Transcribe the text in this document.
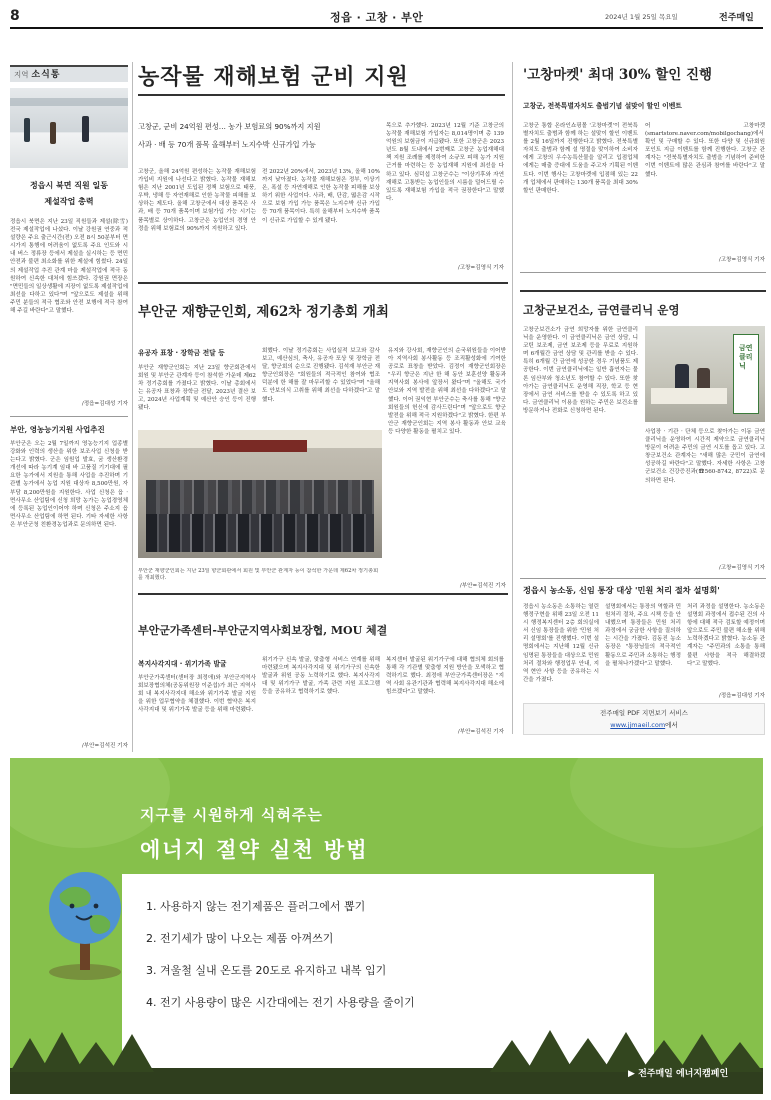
8	정읍 · 고창 · 부안	2024년 1월 25일 목요일	전주매일
지역 소식통
정읍시 북면 직원 일동
제설작업 총력
정읍시 북면은 지난 23일 직원들과 제설(除雪) 전국 제설작업에 나섰다. 이날 강원권 연중과 적설량은 주요 출근시간(전) 오전 8시 50분부터 면 시가지 통행에 어려움이 없도록 주요 인도와 시내 버스 정류장 등에서 제설을 실시하는 등 면민 안전과 불편 최소화를 위한 제설에 힘썼다. 24일의 제설작업 추진 관계 마을 제설작업에 적극 동원하여 신속한 대처에 힘쓰겠다. 강원권 면장은 "면민들의 일상생활에 지장이 없도록 제설작업에 최선을 다하고 있다"며 "앞으로도 제설을 위해 주민 분들의 적극 협조와 안전 보행에 적극 참여해 주길 바란다"고 말했다.
/정읍=김대성 기자
부안, 영농능기지원 사업추진
부안군은 오는 2월 7일까지 영농능기지 업종별 강화와 인력의 생산을 위한 보조사업 신청을 받는다고 밝혔다. 군은 임원업 발효, 굼 생산환경 개선에 따라 농기계 임대 바 고품질 기기대에 필요한 농가에서 지원을 통해 사업을 추진하며 기관별 농가에서 농업 지원 대상자 8,500만원, 자부담 8,200만원을 지원한다. 사업 신청은 읍 · 면사무소 산업팀에 신청 희망 농가는 농업경영체에 등록된 농업인이어야 하며 신청은 주소지 읍면사무소 산업팀에 하면 된다. 기타 자세한 사항은 부안군청 친환경농업과로 문의하면 된다.
/부안=김석진 기자
농작물 재해보험 군비 지원
고창군, 군비 24억원 편성… 농가 보험료의 90%까지 지원
사과 · 배 등 70개 품목 올해부터 노지수박 신규가입 가능
고창군, 올해 24억원 편성하는 농작물 재해보험 가입비 지원에 나선다고 밝혔다. 농작물 재해보험은 지난 2001년 도입된 정책 보험으로 태풍, 우박, 냉해 등 자연재해로 인한 농작물 피해를 보상하는 제도다. 올해 고창군에서 대상 품목은 사과, 배 등 70개 품목이며 보험가입 가능 시기는 품목별로 상이하다. 고창군은 농업인의 경영 안정을 위해 보험료의 90%까지 지원하고 있다.
전 2022년 20%에서, 2023년 13%, 올해 10%까지 낮아졌다. 농작물 재해보험은 정부, 이상기온, 폭설 등 자연재해로 인한 농작물 피해를 보상하기 위한 사업이다. 사과, 배, 단감, 떫은감 시작으로 보험 가입 가능 품목은 노지수박 신규 가입 등 70개 품목이다. 특히 올해부터 노지수박 품목이 신규로 가입할 수 있게 됐다.
목으로 추가했다. 2023년 12월 기준 고창군의 농작물 재해보험 가입자는 8,014명이며 총 139억원의 보험금이 지급됐다. 또한 고창군은 2023년도 8월 도내에서 2번째로 고창군 농업재해대책 지원 조례를 제정하여 소규모 피해 농가 지원 근거를 마련하는 등 농업재해 지원에 최선을 다하고 있다. 심덕섭 고창군수는 "이상기후와 자연재해로 고통받는 농업인들의 시름을 덜어드릴 수 있도록 재해보험 가입을 적극 권장한다"고 말했다.
/고창=김영식 기자
'고창마켓' 최대 30% 할인 진행
고창군, 전북특별자치도 출범기념 설맞이 할인 이벤트
고창군 통합 온라인쇼핑몰 '고창마켓'이 전북특별자치도 출범과 함께 하는 설맞이 할인 이벤트를 2월 16일까지 진행한다고 밝혔다. 전북특별자치도 출범과 함께 설 명절을 맞이하여 소비자에게 고창의 우수농특산물을 알리고 입점업체에게는 매출 증대에 도움을 주고자 기획된 이벤트다. 이번 행사는 고창마켓에 입점해 있는 22개 업체에서 판매하는 130개 품목을 최대 30% 할인 판매한다.
어 고창마켓(smartstore.naver.com/mobilgochang)에서 확인 및 구매할 수 있다. 또한 다양 및 신규회원 포인트 지급 이벤트를 함께 진행한다. 고창군 관계자는 "전북특별자치도 출범을 기념하여 준비한 이번 이벤트에 많은 관심과 참여를 바란다"고 말했다.
/고창=김영식 기자
부안군 재향군인회, 제62차 정기총회 개최
유공자 표창 · 장학금 전달 등
부안군 재향군인회는 지난 23일 향군회관에서 회원 및 부안군 관계자 등이 참석한 가운데 제62차 정기총회를 가졌다고 밝혔다. 이날 총회에서는 유공자 표창과 장학금 전달, 2023년 결산 보고, 2024년 사업계획 및 예산안 승인 등이 진행됐다.
회했다. 이날 정기총회는 사업실적 보고와 감사보고, 예산심의, 축사, 유공자 포상 및 장학금 전달, 향군회의 순으로 진행됐다. 김석재 부안군 재향군인회장은 "회원들의 적극적인 참여와 협조 덕분에 한 해를 잘 마무리할 수 있었다"며 "올해도 안보의식 고취를 위해 최선을 다하겠다"고 말했다.
부안군 재향군인회는 지난 23일 향군회관에서 회원 및 부안군 관계자 등이 참석한 가운데 제62차 정기총회를 개최했다.
유지와 강사회, 재향군인의 순국위원들을 이어받아 지역사회 봉사활동 등 조직활성화에 기여한 공로로 표창을 받았다. 김정이 재향군인회장은 "우리 향군은 지난 한 해 동안 보훈선양 활동과 지역사회 봉사에 앞장서 왔다"며 "올해도 국가 안보와 지역 발전을 위해 최선을 다하겠다"고 말했다. 이어 권익현 부안군수는 축사를 통해 "향군 회원들의 헌신에 감사드린다"며 "앞으로도 향군 발전을 위해 적극 지원하겠다"고 밝혔다. 한편 부안군 재향군인회는 지역 봉사 활동과 안보 교육 등 다양한 활동을 펼치고 있다.
/부안=김석진 기자
부안군가족센터-부안군지역사회보장협, MOU 체결
복지사각지대 · 위기가족 발굴
부안군가족센터(센터장 최정애)와 부안군지역사회보장협의체(공동위원장 이준섭)가 최근 지역사회 내 복지사각지대 해소와 위기가족 발굴 지원을 위한 업무협약을 체결했다. 이번 협약은 복지사각지대 및 위기가족 발굴 등을 위해 마련됐다.
위기가구 신속 발굴, 맞춤형 서비스 연계를 위해 마련됐으며 복지사각지대 및 위기가구의 신속한 발굴과 위원 공동 노력하기로 했다. 복지사각지대 및 위기가구 발굴, 가족 관련 지원 프로그램 등을 공유하고 협력하기로 했다.
복지센터 발굴된 위기가구에 대해 협의체 회의를 통해 각 기관별 맞춤형 지원 방안을 모색하고 협력하기로 했다. 최정애 부안군가족센터장은 "지역 사회 유관기관과 협력해 복지사각지대 해소에 힘쓰겠다"고 말했다.
/부안=김석진 기자
고창군보건소, 금연클리닉 운영
고창군보건소가 금연 희망자를 위한 금연클리닉을 운영한다. 이 금연클리닉은 금연 상담, 니코틴 보조제, 금연 보조제 등을 무료로 지원하며 6개월간 금연 상담 및 관리를 받을 수 있다. 특히 6개월 간 금연에 성공한 경우 기념품도 제공한다. 이번 금연클리닉에는 일반 흡연자는 물론 임산부와 청소년도 참여할 수 있다. 또한 찾아가는 금연클리닉도 운영해 직장, 학교 등 현장에서 금연 서비스를 받을 수 있도록 하고 있다. 금연클리닉 이용을 원하는 주민은 보건소를 방문하거나 전화로 신청하면 된다.
금연클리닉
사업장 · 기관 · 단체 등으로 찾아가는 이동 금연클리닉을 운영하여 시간적 제약으로 금연클리닉 방문이 어려운 주민의 금연 시도를 돕고 있다. 고창군보건소 관계자는 "새해 많은 군민이 금연에 성공하길 바란다"고 말했다. 자세한 사항은 고창군보건소 건강증진과(☎560-8742, 8722)로 문의하면 된다.
/고창=김영식 기자
정읍시 농소동, 신임 통장 대상 '민원 처리 절차 설명회'
정읍시 농소동은 소통하는 열린 행정구현을 위해 23일 오전 11시 행정복지센터 2층 회의실에서 신임 통장들을 위한 '민원 처리 설명회'를 진행했다. 이번 설명회에서는 지난해 12월 신규 임명된 통장들을 대상으로 민원 처리 절차와 행정업무 안내, 지역 현안 사항 등을 공유하는 시간을 가졌다.
설명회에서는 통장의 역할과 민원처리 절차, 주요 시책 등을 안내했으며 통장들은 민원 처리 과정에서 궁금한 사항을 질의하는 시간을 가졌다. 김동진 농소동장은 "통장님들의 적극적인 활동으로 주민과 소통하는 행정을 펼쳐나가겠다"고 말했다.
처리 과정을 설명한다. 농소동은 설명회 과정에서 접수된 건의 사항에 대해 적극 검토할 예정이며 앞으로도 주민 불편 해소를 위해 노력하겠다고 밝혔다. 농소동 관계자는 "주민과의 소통을 통해 불편 사항을 적극 해결하겠다"고 말했다.
/정읍=김대성 기자
전주매일 PDF 지면보기 서비스
www.jjmaeil.com에서
지구를 시원하게 식혀주는
에너지 절약 실천 방법
1. 사용하지 않는 전기제품은 플러그에서 뽑기
2. 전기세가 많이 나오는 제품 아껴쓰기
3. 겨울철 실내 온도를 20도로 유지하고 내복 입기
4. 전기 사용량이 많은 시간대에는 전기 사용량을 줄이기
▶ 전주매일 에너지캠페인
